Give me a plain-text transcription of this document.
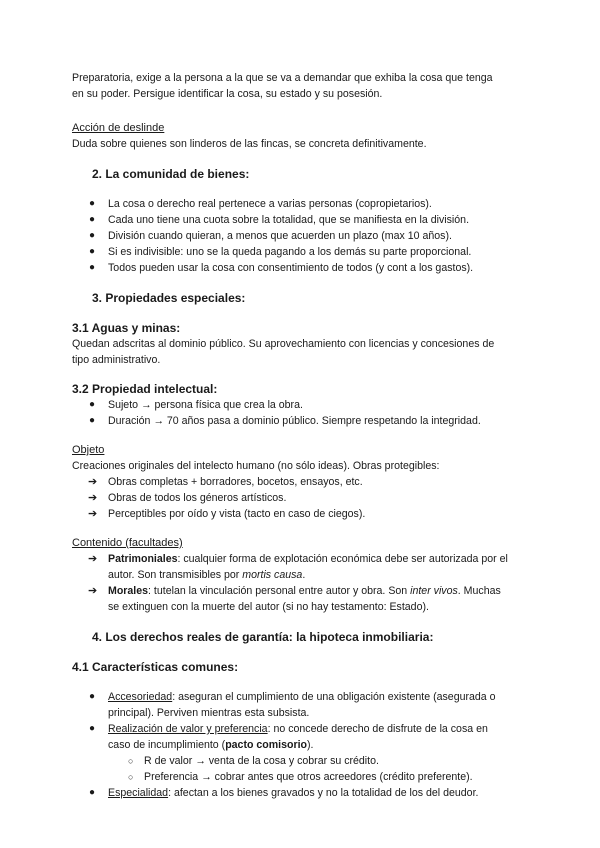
Preparatoria, exige a la persona a la que se va a demandar que exhiba la cosa que tenga

en su poder. Persigue identificar la cosa, su estado y su posesión.

Acción de deslinde

Duda sobre quienes son linderos de las fincas, se concreta definitivamente.

2. La comunidad de bienes:

● La cosa o derecho real pertenece a varias personas (copropietarios).
● Cada uno tiene una cuota sobre la totalidad, que se manifiesta en la división.
● División cuando quieran, a menos que acuerden un plazo (max 10 años).
● Si es indivisible: uno se la queda pagando a los demás su parte proporcional.
● Todos pueden usar la cosa con consentimiento de todos (y cont a los gastos).

3. Propiedades especiales:

3.1 Aguas y minas:

Quedan adscritas al dominio público. Su aprovechamiento con licencias y concesiones de

tipo administrativo.

3.2 Propiedad intelectual:

● Sujeto → persona física que crea la obra.
● Duración → 70 años pasa a dominio público. Siempre respetando la integridad.

Objeto

Creaciones originales del intelecto humano (no sólo ideas). Obras protegibles:

➔ Obras completas + borradores, bocetos, ensayos, etc.
➔ Obras de todos los géneros artísticos.
➔ Perceptibles por oído y vista (tacto en caso de ciegos).

Contenido (facultades)

➔ Patrimoniales: cualquier forma de explotación económica debe ser autorizada por el
autor. Son transmisibles por mortis causa.
➔ Morales: tutelan la vinculación personal entre autor y obra. Son inter vivos. Muchas
se extinguen con la muerte del autor (si no hay testamento: Estado).

4. Los derechos reales de garantía: la hipoteca inmobiliaria:

4.1 Características comunes:

● Accesoriedad: aseguran el cumplimiento de una obligación existente (asegurada o
principal). Perviven mientras esta subsista.
● Realización de valor y preferencia: no concede derecho de disfrute de la cosa en
caso de incumplimiento (pacto comisorio).
○ R de valor → venta de la cosa y cobrar su crédito.
○ Preferencia → cobrar antes que otros acreedores (crédito preferente).
● Especialidad: afectan a los bienes gravados y no la totalidad de los del deudor.
